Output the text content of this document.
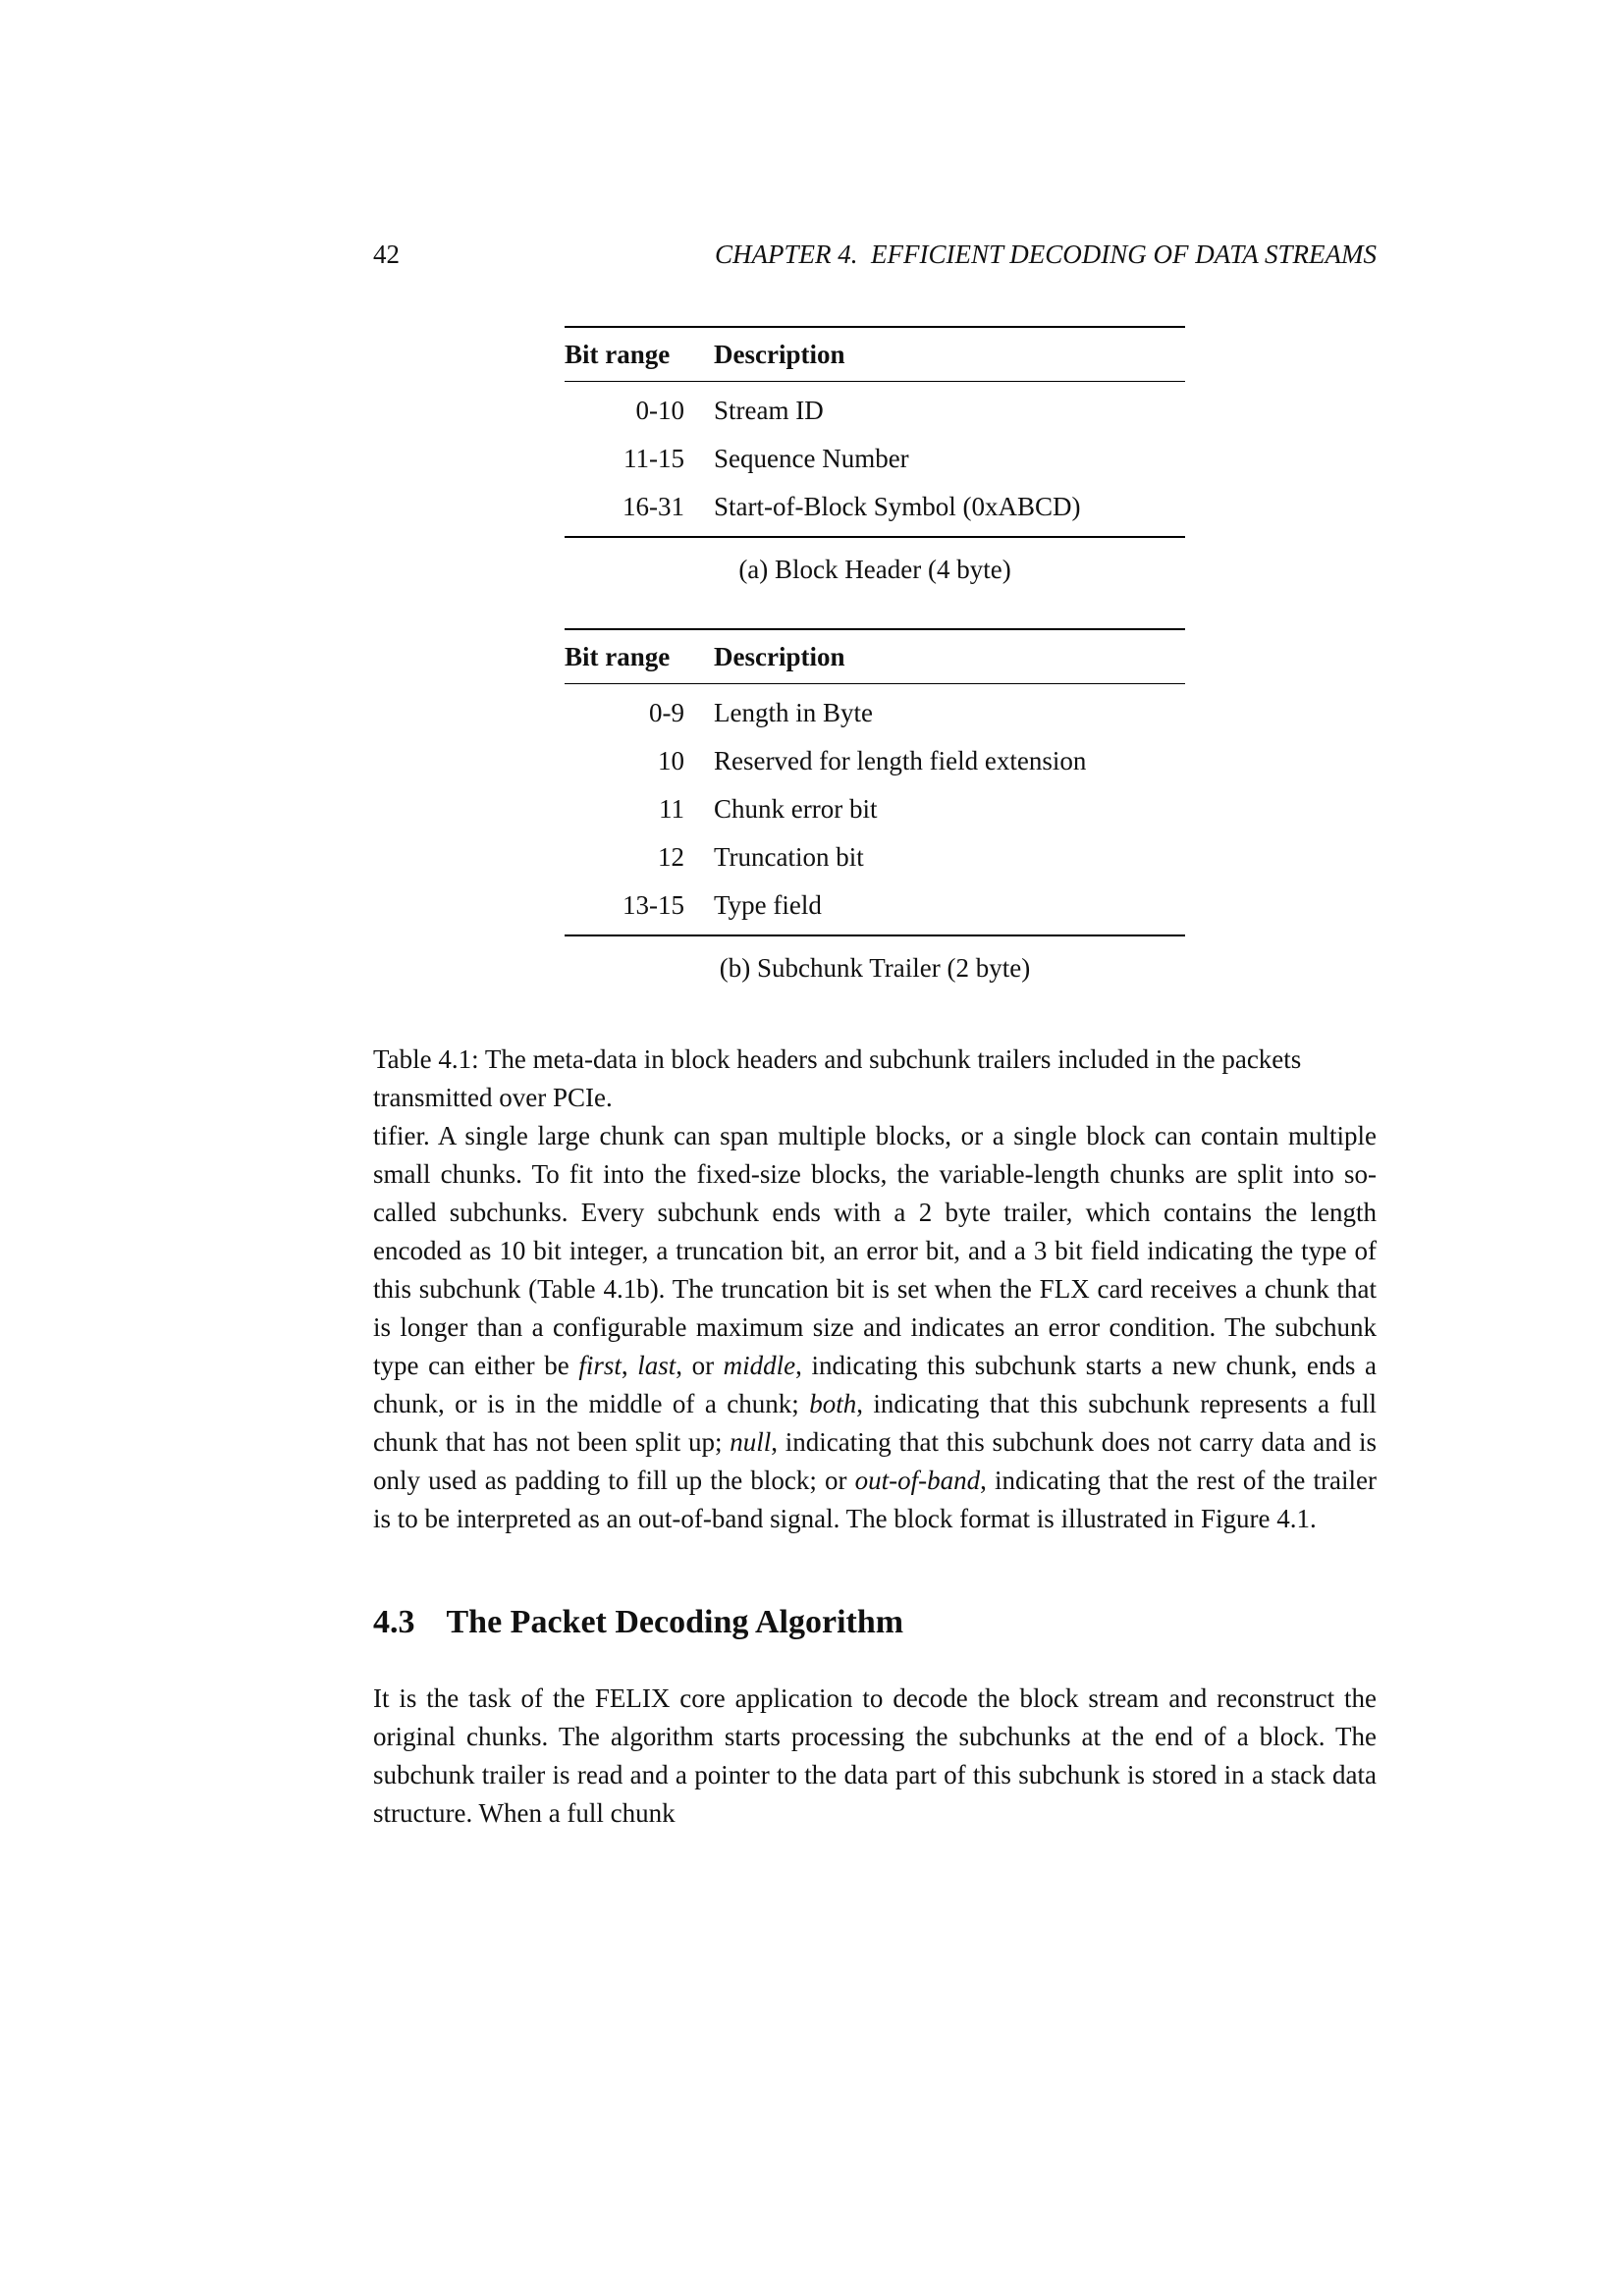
42	CHAPTER 4.  EFFICIENT DECODING OF DATA STREAMS
Bit range	Description
0-10	Stream ID
11-15	Sequence Number
16-31	Start-of-Block Symbol (0xABCD)
(a) Block Header (4 byte)
Bit range	Description
0-9	Length in Byte
10	Reserved for length field extension
11	Chunk error bit
12	Truncation bit
13-15	Type field
(b) Subchunk Trailer (2 byte)

Table 4.1: The meta-data in block headers and subchunk trailers included in the packets transmitted over PCIe.

tifier. A single large chunk can span multiple blocks, or a single block can contain multiple small chunks. To fit into the fixed-size blocks, the variable-length chunks are split into so-called subchunks. Every subchunk ends with a 2 byte trailer, which contains the length encoded as 10 bit integer, a truncation bit, an error bit, and a 3 bit field indicating the type of this subchunk (Table 4.1b). The truncation bit is set when the FLX card receives a chunk that is longer than a configurable maximum size and indicates an error condition. The subchunk type can either be first, last, or middle, indicating this subchunk starts a new chunk, ends a chunk, or is in the middle of a chunk; both, indicating that this subchunk represents a full chunk that has not been split up; null, indicating that this subchunk does not carry data and is only used as padding to fill up the block; or out-of-band, indicating that the rest of the trailer is to be interpreted as an out-of-band signal. The block format is illustrated in Figure 4.1.

4.3 The Packet Decoding Algorithm

It is the task of the FELIX core application to decode the block stream and reconstruct the original chunks. The algorithm starts processing the subchunks at the end of a block. The subchunk trailer is read and a pointer to the data part of this subchunk is stored in a stack data structure. When a full chunk
